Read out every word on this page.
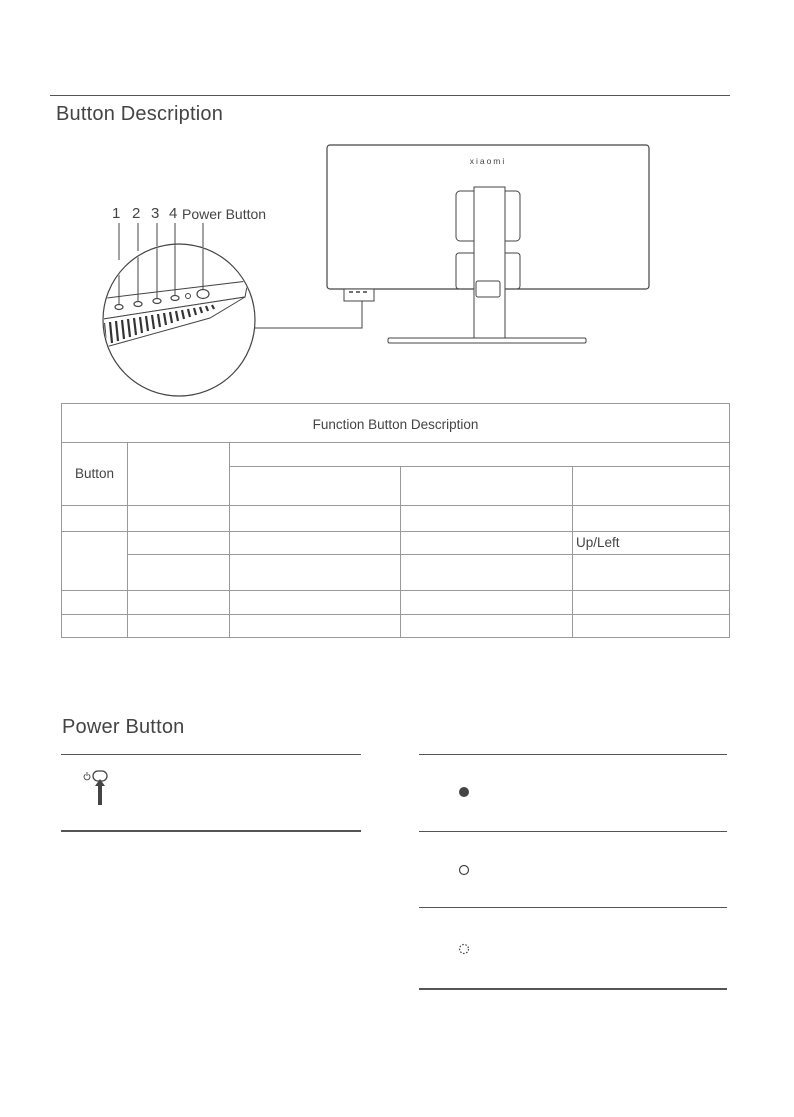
Button Description
xiaomi
1 2 3 4 Power Button
Function Button Description
Button
Up/Left
Power Button
